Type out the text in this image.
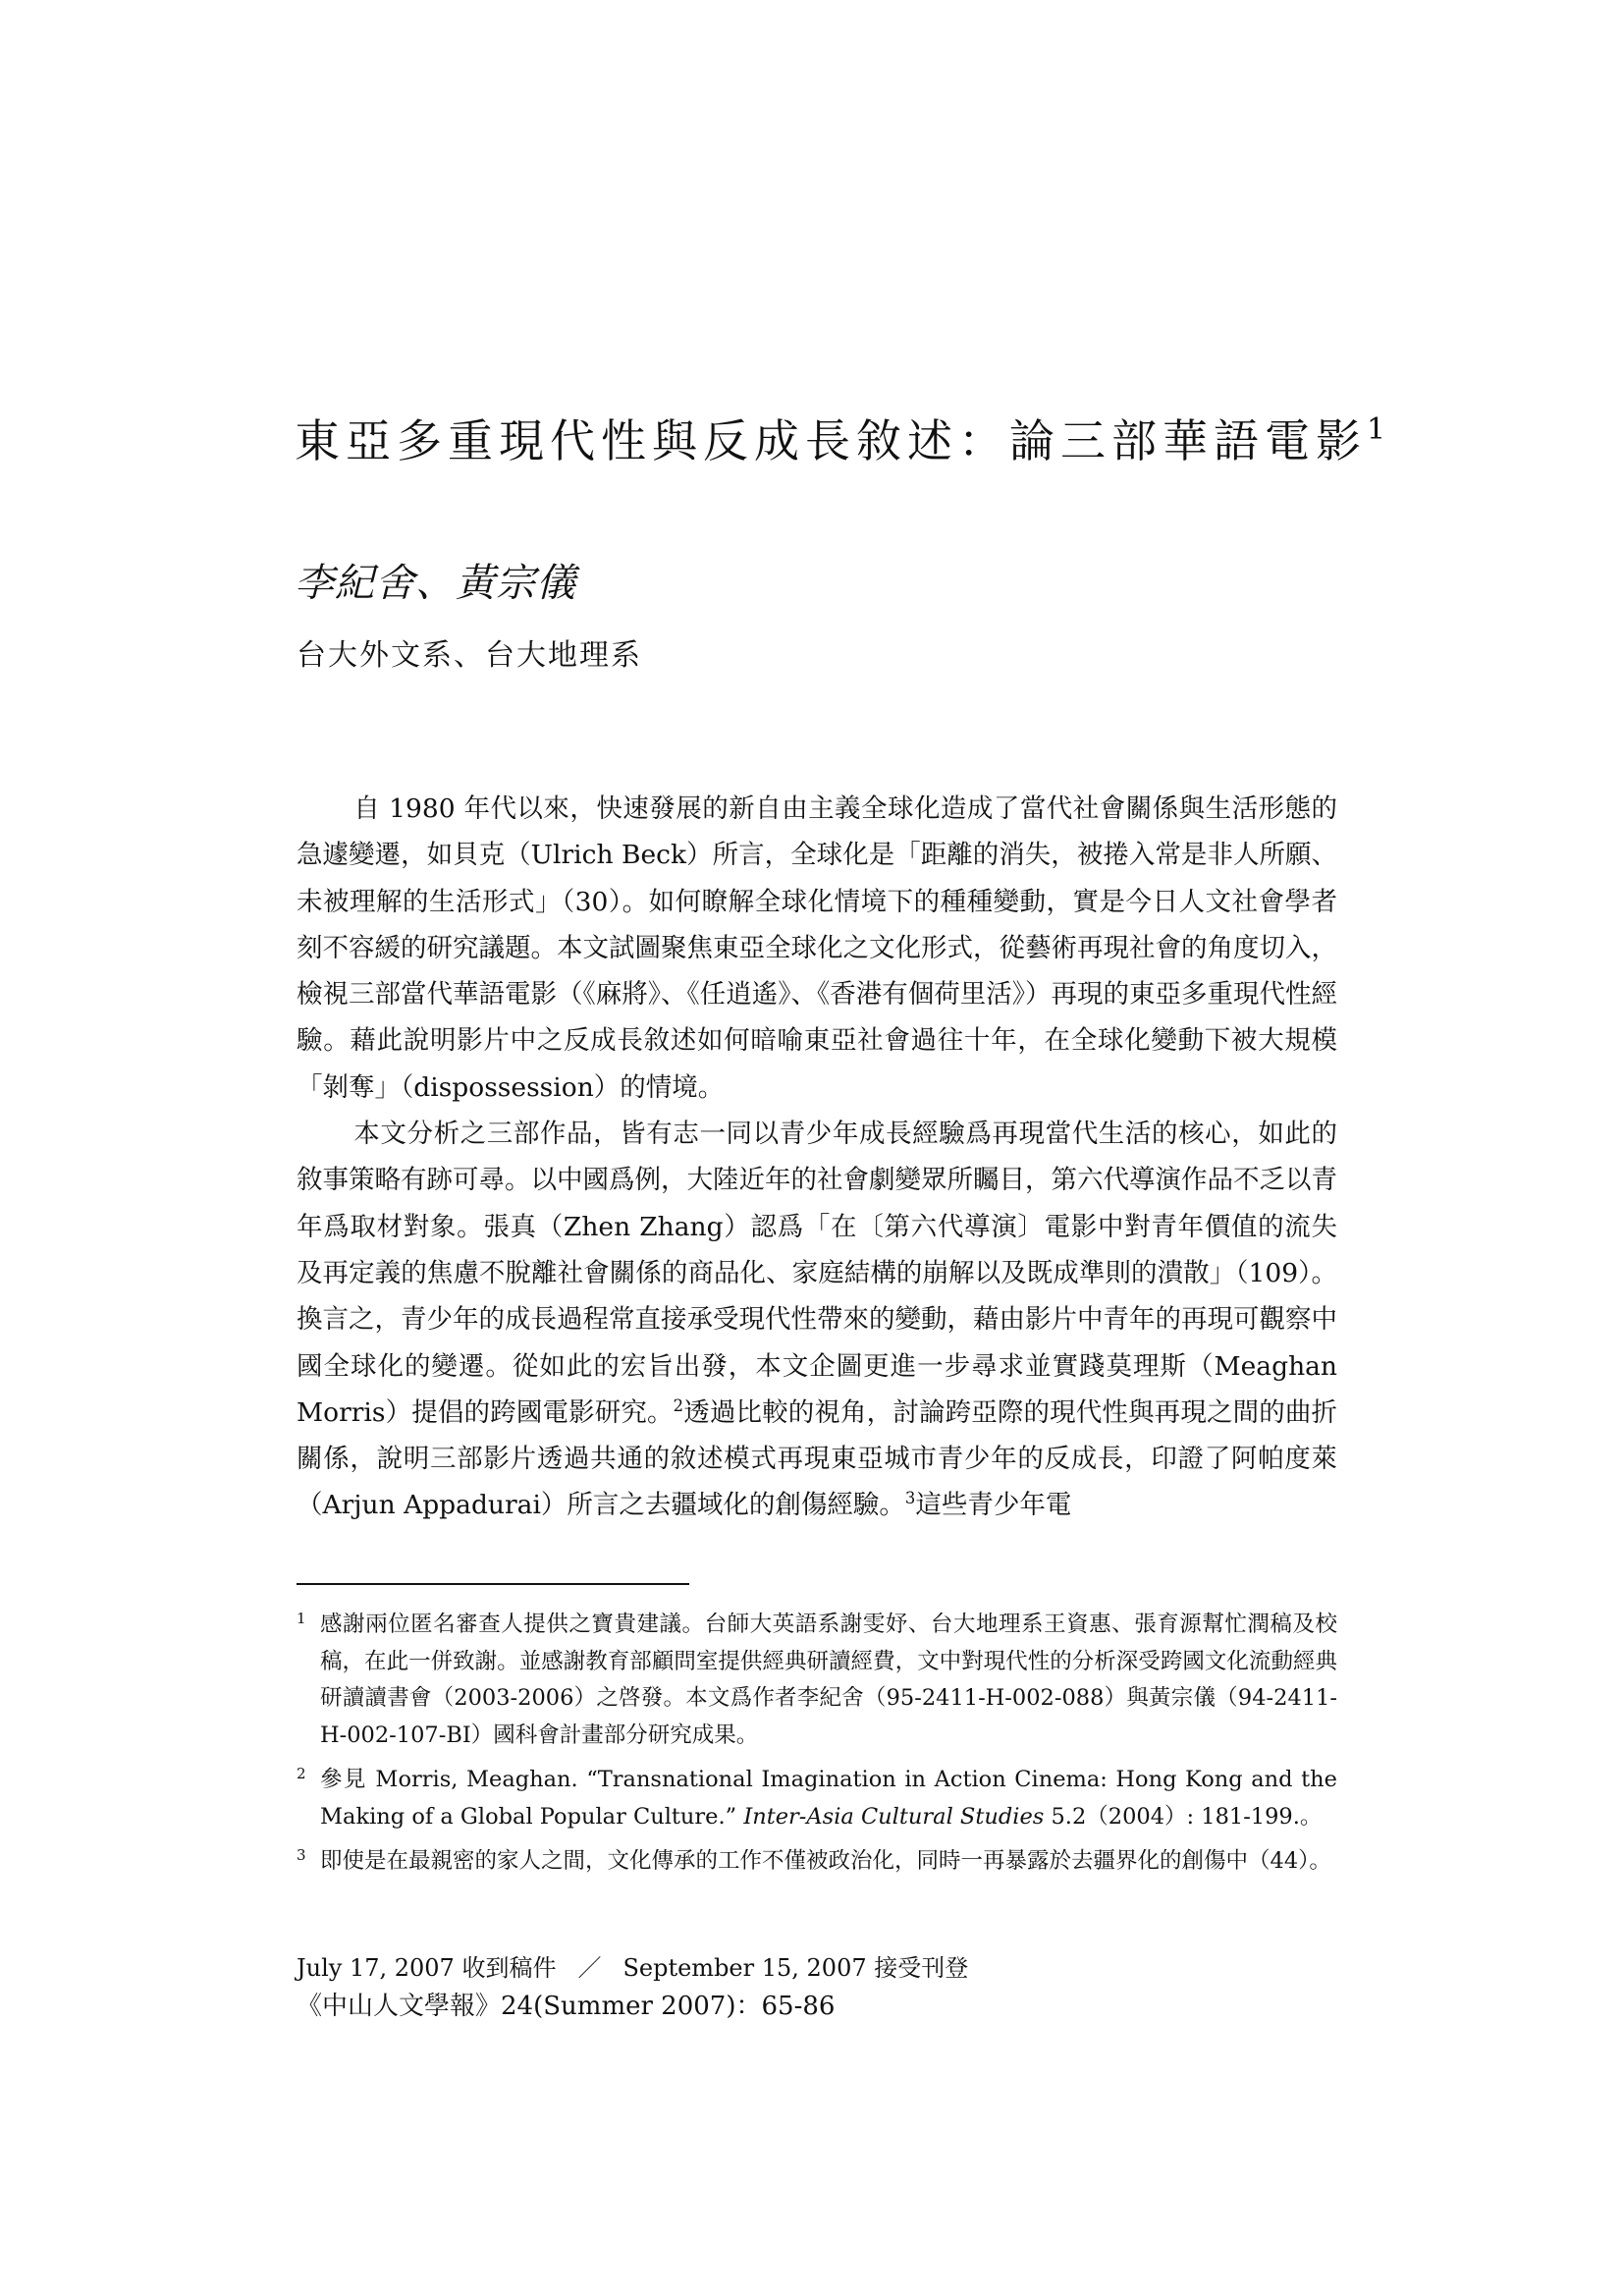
東亞多重現代性與反成長敘述：論三部華語電影$^1$
李紀舍、黃宗儀
台大外文系、台大地理系

自 1980 年代以來，快速發展的新自由主義全球化造成了當代社會關係與生活形態的急遽變遷，如貝克（Ulrich Beck）所言，全球化是「距離的消失，被捲入常是非人所願、未被理解的生活形式」（30）。如何瞭解全球化情境下的種種變動，實是今日人文社會學者刻不容緩的研究議題。本文試圖聚焦東亞全球化之文化形式，從藝術再現社會的角度切入，檢視三部當代華語電影（《麻將》、《任逍遙》、《香港有個荷里活》）再現的東亞多重現代性經驗。藉此說明影片中之反成長敘述如何暗喻東亞社會過往十年，在全球化變動下被大規模「剝奪」（dispossession）的情境。

本文分析之三部作品，皆有志一同以青少年成長經驗爲再現當代生活的核心，如此的敘事策略有跡可尋。以中國爲例，大陸近年的社會劇變眾所矚目，第六代導演作品不乏以青年爲取材對象。張真（Zhen Zhang）認爲「在〔第六代導演〕電影中對青年價值的流失及再定義的焦慮不脫離社會關係的商品化、家庭結構的崩解以及既成準則的潰散」（109）。換言之，青少年的成長過程常直接承受現代性帶來的變動，藉由影片中青年的再現可觀察中國全球化的變遷。從如此的宏旨出發，本文企圖更進一步尋求並實踐莫理斯（Meaghan Morris）提倡的跨國電影研究。$^2$透過比較的視角，討論跨亞際的現代性與再現之間的曲折關係，說明三部影片透過共通的敘述模式再現東亞城市青少年的反成長，印證了阿帕度萊（Arjun Appadurai）所言之去疆域化的創傷經驗。$^3$這些青少年電

1 感謝兩位匿名審查人提供之寶貴建議。台師大英語系謝雯妤、台大地理系王資惠、張育源幫忙潤稿及校稿，在此一併致謝。並感謝教育部顧問室提供經典研讀經費，文中對現代性的分析深受跨國文化流動經典研讀讀書會（2003-2006）之啓發。本文爲作者李紀舍（95-2411-H-002-088）與黃宗儀（94-2411-H-002-107-BI）國科會計畫部分研究成果。
2 參見 Morris, Meaghan. “Transnational Imagination in Action Cinema: Hong Kong and the Making of a Global Popular Culture.” Inter-Asia Cultural Studies 5.2（2004）: 181-199.。
3 即使是在最親密的家人之間，文化傳承的工作不僅被政治化，同時一再暴露於去疆界化的創傷中（44）。
July 17, 2007 收到稿件 ／ September 15, 2007 接受刊登
《中山人文學報》24(Summer 2007)：65-86
